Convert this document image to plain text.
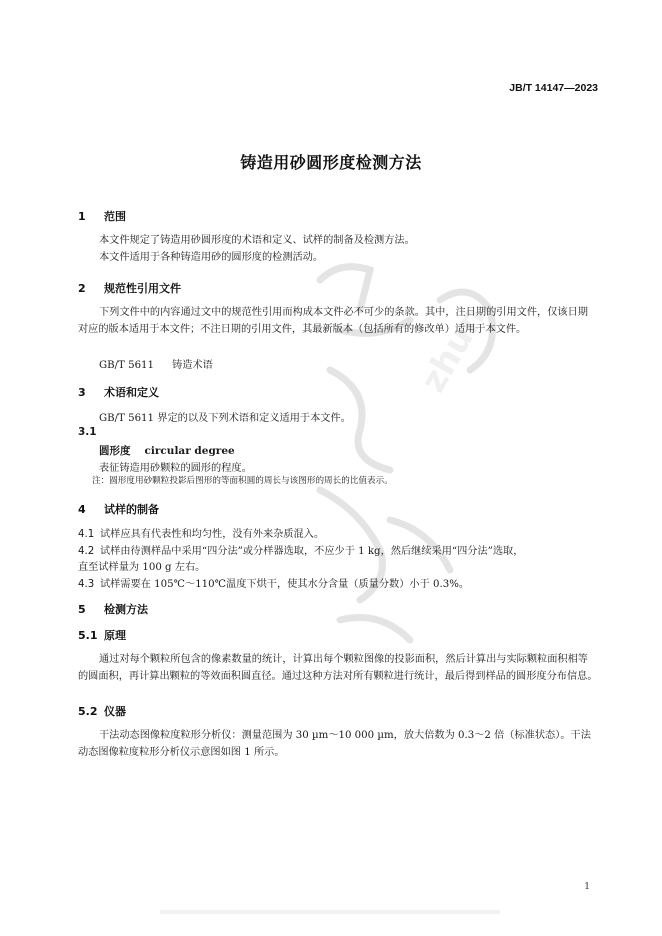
JB/T 14147—2023
铸造用砂圆形度检测方法
zhun
1 范围
本文件规定了铸造用砂圆形度的术语和定义、试样的制备及检测方法。
本文件适用于各种铸造用砂的圆形度的检测活动。
2 规范性引用文件
下列文件中的内容通过文中的规范性引用而构成本文件必不可少的条款。其中，注日期的引用文件，仅该日期对应的版本适用于本文件；不注日期的引用文件，其最新版本（包括所有的修改单）适用于本文件。
GB/T 5611 铸造术语
3 术语和定义
GB/T 5611 界定的以及下列术语和定义适用于本文件。
3.1
圆形度 circular degree
表征铸造用砂颗粒的圆形的程度。
注：圆形度用砂颗粒投影后图形的等面积圆的周长与该图形的周长的比值表示。
4 试样的制备
4.1 试样应具有代表性和均匀性，没有外来杂质混入。
4.2 试样由待测样品中采用“四分法”或分样器选取，不应少于 1 kg，然后继续采用“四分法”选取，
直至试样量为 100 g 左右。
4.3 试样需要在 105℃～110℃温度下烘干，使其水分含量（质量分数）小于 0.3%。
5 检测方法
5.1 原理
通过对每个颗粒所包含的像素数量的统计，计算出每个颗粒图像的投影面积，然后计算出与实际颗粒面积相等的圆面积，再计算出颗粒的等效面积圆直径。通过这种方法对所有颗粒进行统计，最后得到样品的圆形度分布信息。
5.2 仪器
干法动态图像粒度粒形分析仪：测量范围为 30 µm～10 000 µm，放大倍数为 0.3～2 倍（标准状态）。干法动态图像粒度粒形分析仪示意图如图 1 所示。
1
